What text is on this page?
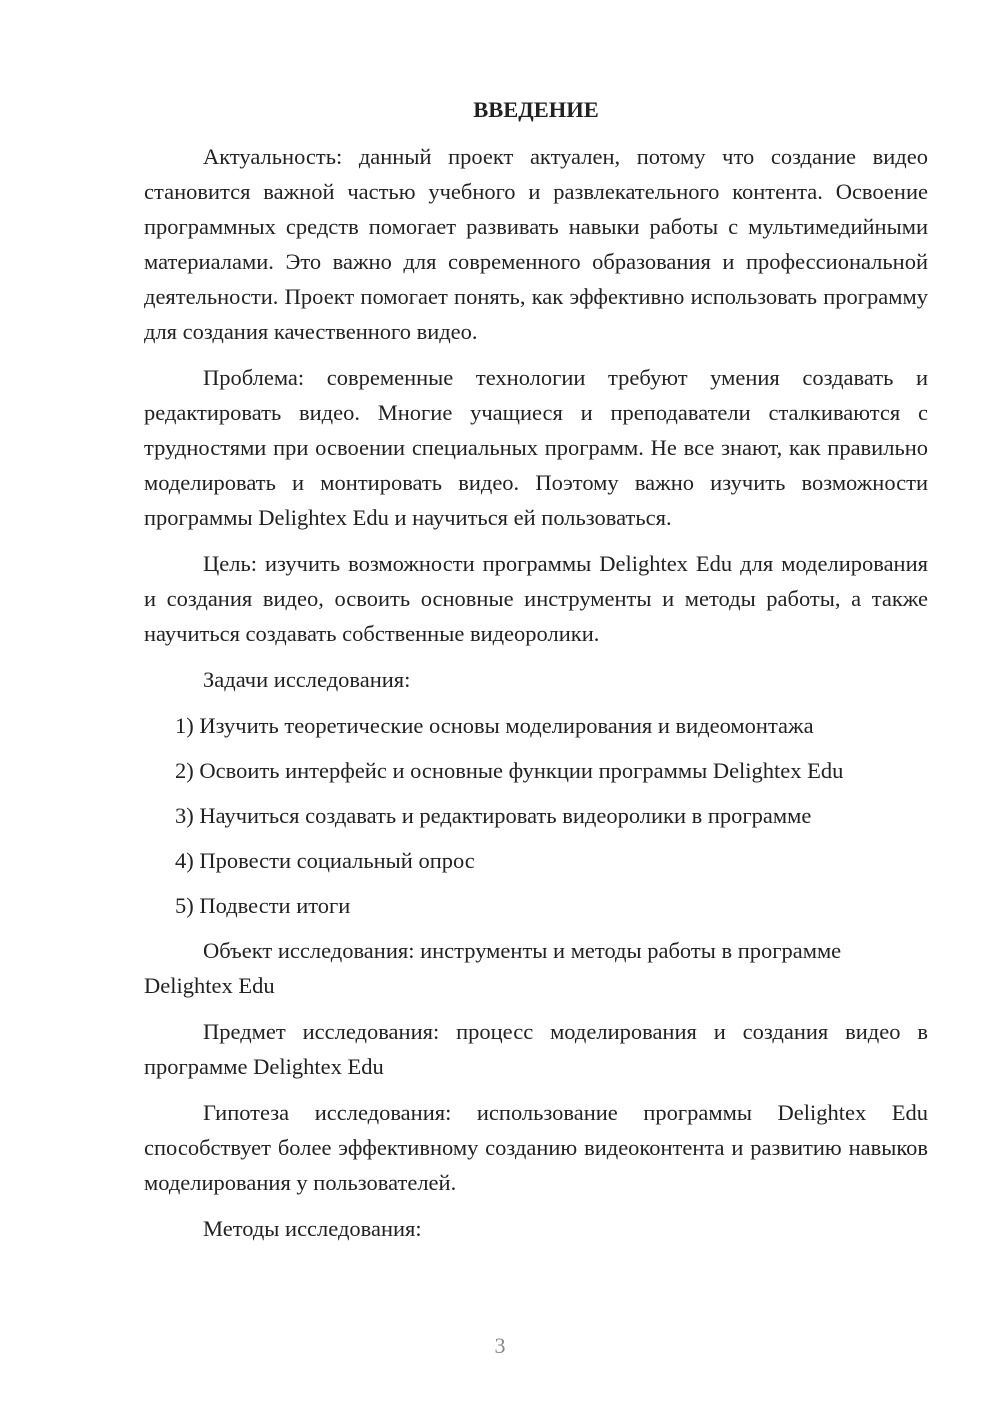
ВВЕДЕНИЕ

Актуальность: данный проект актуален, потому что создание видео становится важной частью учебного и развлекательного контента. Освоение программных средств помогает развивать навыки работы с мультимедийными материалами. Это важно для современного образования и профессиональной деятельности. Проект помогает понять, как эффективно использовать программу для создания качественного видео.

Проблема: современные технологии требуют умения создавать и редактировать видео. Многие учащиеся и преподаватели сталкиваются с трудностями при освоении специальных программ. Не все знают, как правильно моделировать и монтировать видео. Поэтому важно изучить возможности программы Delightex Edu и научиться ей пользоваться.

Цель: изучить возможности программы Delightex Edu для моделирования и создания видео, освоить основные инструменты и методы работы, а также научиться создавать собственные видеоролики.

Задачи исследования:

1) Изучить теоретические основы моделирования и видеомонтажа
2) Освоить интерфейс и основные функции программы Delightex Edu
3) Научиться создавать и редактировать видеоролики в программе
4) Провести социальный опрос
5) Подвести итоги

Объект исследования: инструменты и методы работы в программе Delightex Edu

Предмет исследования: процесс моделирования и создания видео в программе Delightex Edu

Гипотеза исследования: использование программы Delightex Edu способствует более эффективному созданию видеоконтента и развитию навыков моделирования у пользователей.

Методы исследования:

3
